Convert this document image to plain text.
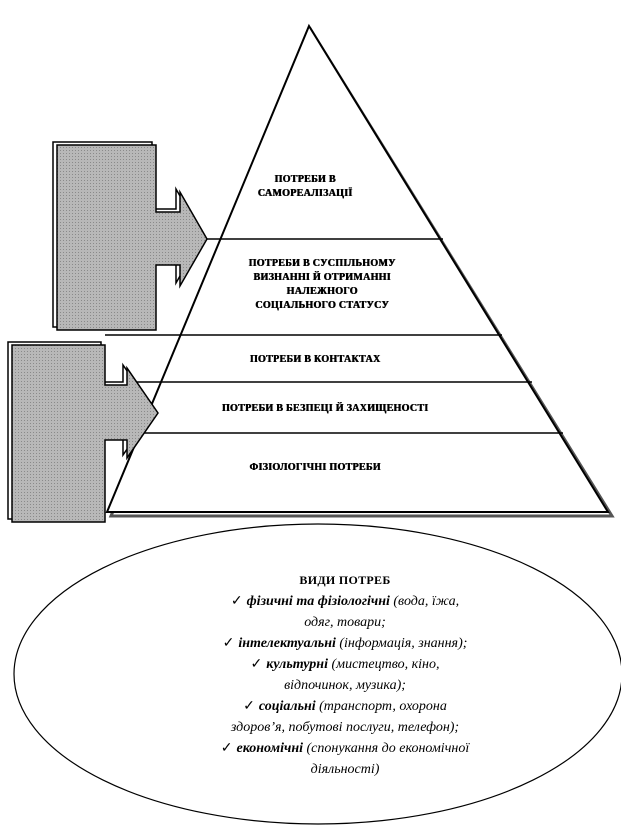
ПОТРЕБИ В
САМОРЕАЛІЗАЦІЇ
ПОТРЕБИ В СУСПІЛЬНОМУ
ВИЗНАННІ Й ОТРИМАННІ
НАЛЕЖНОГО
СОЦІАЛЬНОГО СТАТУСУ
ПОТРЕБИ В КОНТАКТАХ
ПОТРЕБИ В БЕЗПЕЦІ Й ЗАХИЩЕНОСТІ
ФІЗІОЛОГІЧНІ ПОТРЕБИ
ВИДИ ПОТРЕБ
✓ фізичні та фізіологічні (вода, їжа,
одяг, товари;
✓ інтелектуальні (інформація, знання);
✓ культурні (мистецтво, кіно,
відпочинок, музика);
✓ соціальні (транспорт, охорона
здоров’я, побутові послуги, телефон);
✓ економічні (спонукання до економічної
діяльності)
